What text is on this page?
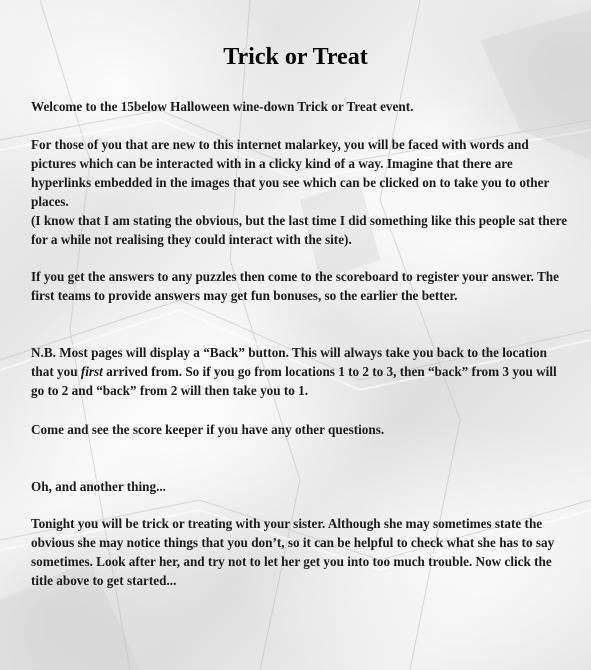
Trick or Treat

Welcome to the 15below Halloween wine-down Trick or Treat event.

For those of you that are new to this internet malarkey, you will be faced with words and pictures which can be interacted with in a clicky kind of a way. Imagine that there are hyperlinks embedded in the images that you see which can be clicked on to take you to other places.
(I know that I am stating the obvious, but the last time I did something like this people sat there for a while not realising they could interact with the site).

If you get the answers to any puzzles then come to the scoreboard to register your answer. The first teams to provide answers may get fun bonuses, so the earlier the better.

N.B. Most pages will display a “Back” button. This will always take you back to the location that you first arrived from. So if you go from locations 1 to 2 to 3, then “back” from 3 you will go to 2 and “back” from 2 will then take you to 1.

Come and see the score keeper if you have any other questions.

Oh, and another thing...

Tonight you will be trick or treating with your sister. Although she may sometimes state the obvious she may notice things that you don’t, so it can be helpful to check what she has to say sometimes. Look after her, and try not to let her get you into too much trouble. Now click the title above to get started...
